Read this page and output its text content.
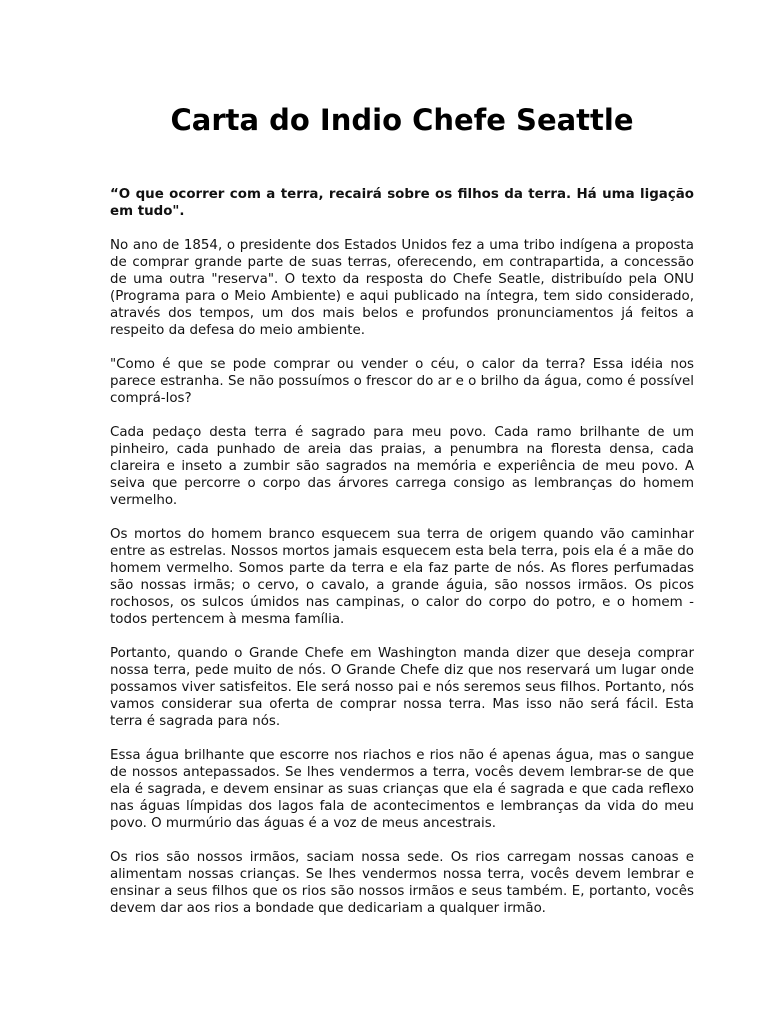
Carta do Indio Chefe Seattle

“O que ocorrer com a terra, recairá sobre os filhos da terra. Há uma ligação em tudo".

No ano de 1854, o presidente dos Estados Unidos fez a uma tribo indígena a proposta de comprar grande parte de suas terras, oferecendo, em contrapartida, a concessão de uma outra "reserva". O texto da resposta do Chefe Seatle, distribuído pela ONU (Programa para o Meio Ambiente) e aqui publicado na íntegra, tem sido considerado, através dos tempos, um dos mais belos e profundos pronunciamentos já feitos a respeito da defesa do meio ambiente.

"Como é que se pode comprar ou vender o céu, o calor da terra? Essa idéia nos parece estranha. Se não possuímos o frescor do ar e o brilho da água, como é possível comprá-los?

Cada pedaço desta terra é sagrado para meu povo. Cada ramo brilhante de um pinheiro, cada punhado de areia das praias, a penumbra na floresta densa, cada clareira e inseto a zumbir são sagrados na memória e experiência de meu povo. A seiva que percorre o corpo das árvores carrega consigo as lembranças do homem vermelho.

Os mortos do homem branco esquecem sua terra de origem quando vão caminhar entre as estrelas. Nossos mortos jamais esquecem esta bela terra, pois ela é a mãe do homem vermelho. Somos parte da terra e ela faz parte de nós. As flores perfumadas são nossas irmãs; o cervo, o cavalo, a grande águia, são nossos irmãos. Os picos rochosos, os sulcos úmidos nas campinas, o calor do corpo do potro, e o homem - todos pertencem à mesma família.

Portanto, quando o Grande Chefe em Washington manda dizer que deseja comprar nossa terra, pede muito de nós. O Grande Chefe diz que nos reservará um lugar onde possamos viver satisfeitos. Ele será nosso pai e nós seremos seus filhos. Portanto, nós vamos considerar sua oferta de comprar nossa terra. Mas isso não será fácil. Esta terra é sagrada para nós.

Essa água brilhante que escorre nos riachos e rios não é apenas água, mas o sangue de nossos antepassados. Se lhes vendermos a terra, vocês devem lembrar-se de que ela é sagrada, e devem ensinar as suas crianças que ela é sagrada e que cada reflexo nas águas límpidas dos lagos fala de acontecimentos e lembranças da vida do meu povo. O murmúrio das águas é a voz de meus ancestrais.

Os rios são nossos irmãos, saciam nossa sede. Os rios carregam nossas canoas e alimentam nossas crianças. Se lhes vendermos nossa terra, vocês devem lembrar e ensinar a seus filhos que os rios são nossos irmãos e seus também. E, portanto, vocês devem dar aos rios a bondade que dedicariam a qualquer irmão.
